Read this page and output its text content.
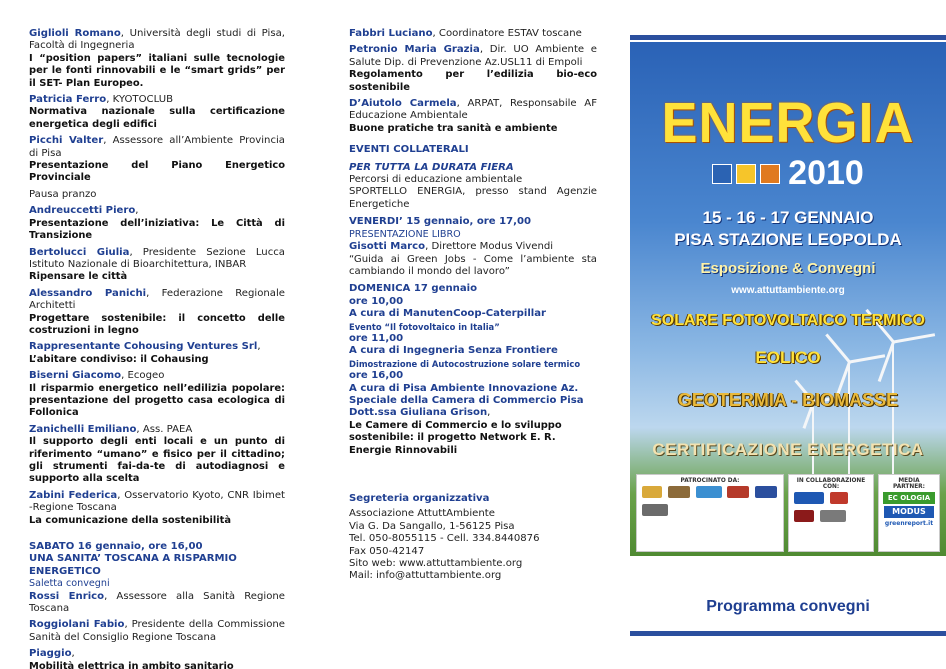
Giglioli Romano, Università degli studi di Pisa, Facoltà di Ingegneria

I “position papers” italiani sulle tecnologie per le fonti rinnovabili e le “smart grids” per il SET- Plan Europeo.

Patricia Ferro, KYOTOCLUB

Normativa nazionale sulla certificazione energetica degli edifici

Picchi Valter, Assessore all’Ambiente Provincia di Pisa

Presentazione del Piano Energetico Provinciale

Pausa pranzo

Andreuccetti Piero,

Presentazione dell’iniziativa: Le Città di Transizione

Bertolucci Giulia, Presidente Sezione Lucca Istituto Nazionale di Bioarchitettura, INBAR

Ripensare le città

Alessandro Panichi, Federazione Regionale Architetti

Progettare sostenibile: il concetto delle costruzioni in legno

Rappresentante Cohousing Ventures Srl,

L’abitare condiviso: il Cohausing

Biserni Giacomo, Ecogeo

Il risparmio energetico nell’edilizia popolare: presentazione del progetto casa ecologica di Follonica

Zanichelli Emiliano, Ass. PAEA

Il supporto degli enti locali e un punto di riferimento “umano” e fisico per il cittadino; gli strumenti fai-da-te di autodiagnosi e supporto alla scelta

Zabini Federica, Osservatorio Kyoto, CNR Ibimet -Regione Toscana

La comunicazione della sostenibilità

SABATO 16 gennaio, ore 16,00

UNA SANITA’ TOSCANA A RISPARMIO ENERGETICO

Saletta convegni

Rossi Enrico, Assessore alla Sanità Regione Toscana

Roggiolani Fabio, Presidente della Commissione Sanità del Consiglio Regione Toscana

Piaggio,

Mobilità elettrica in ambito sanitario

Fabbri Luciano, Coordinatore ESTAV toscane

Petronio Maria Grazia, Dir. UO Ambiente e Salute Dip. di Prevenzione Az.USL11 di Empoli

Regolamento per l’edilizia bio-eco sostenibile

D’Aiutolo Carmela, ARPAT, Responsabile AF Educazione Ambientale

Buone pratiche tra sanità e ambiente

EVENTI COLLATERALI

PER TUTTA LA DURATA FIERA

Percorsi di educazione ambientale

SPORTELLO ENERGIA, presso stand Agenzie Energetiche

VENERDI’ 15 gennaio, ore 17,00

PRESENTAZIONE LIBRO

Gisotti Marco, Direttore Modus Vivendi

“Guida ai Green Jobs - Come l’ambiente sta cambiando il mondo del lavoro”

DOMENICA 17 gennaio

ore 10,00

A cura di ManutenCoop-Caterpillar

Evento “Il fotovoltaico in Italia”

ore 11,00

A cura di Ingegneria Senza Frontiere

Dimostrazione di Autocostruzione solare termico

ore 16,00

A cura di Pisa Ambiente Innovazione Az. Speciale della Camera di Commercio Pisa

Dott.ssa Giuliana Grison,

Le Camere di Commercio e lo sviluppo sostenibile: il progetto Network E. R. Energie Rinnovabili

Segreteria organizzativa

Associazione AttuttAmbiente

Via G. Da Sangallo, 1-56125 Pisa

Tel. 050-8055115 - Cell. 334.8440876

Fax 050-42147

Sito web: www.attuttambiente.org

Mail: info@attuttambiente.org

ENERGIA
2010
15 - 16 - 17 GENNAIO
PISA STAZIONE LEOPOLDA
Esposizione & Convegni
www.attuttambiente.org
SOLARE FOTOVOLTAICO TERMICO
EOLICO
GEOTERMIA - BIOMASSE
CERTIFICAZIONE ENERGETICA
PATROCINATO DA:
	IN COLLABORAZIONE CON:

MEDIA PARTNER:
EC OLOGIA
MODUS
greenreport.it
Programma convegni
